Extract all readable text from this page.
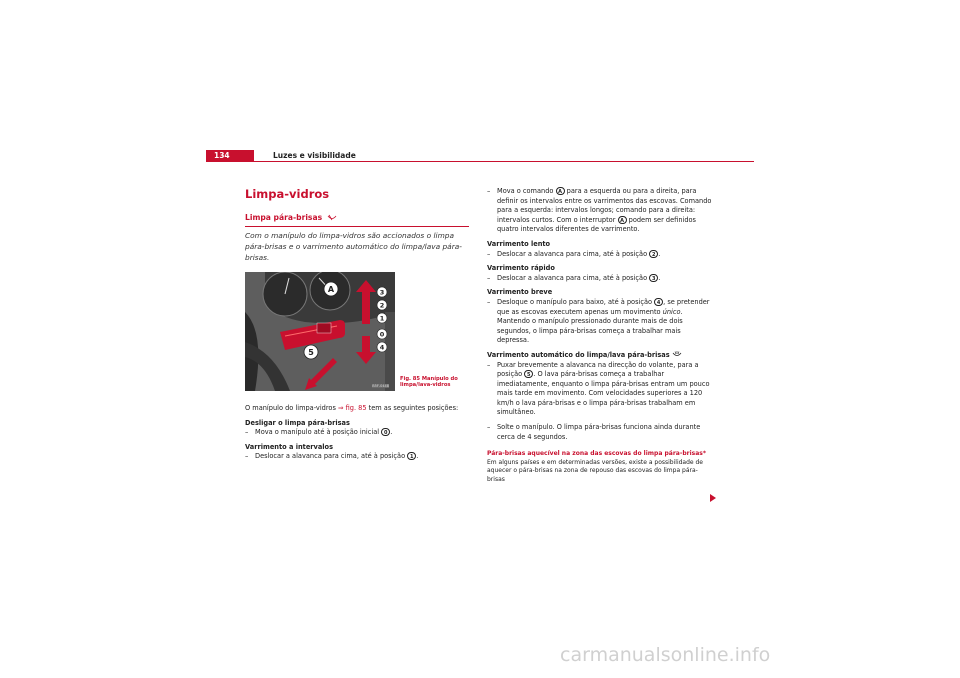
134	Luzes e visibilidade
Limpa-vidros
Limpa pára-brisas
Com o manípulo do limpa-vidros são accionados o limpa pára-brisas e o varrimento automático do limpa/lava pára-brisas.
A	3
2
1
0
4
5
B5F-0448
Fig. 85 Manípulo do limpa/lava-vidros

O manípulo do limpa-vidros ⇒ fig. 85 tem as seguintes posições:

Desligar o limpa pára-brisas

– Mova o manípulo até à posição inicial 0 .

Varrimento a intervalos

– Deslocar a alavanca para cima, até à posição 1 .

– Mova o comando A para a esquerda ou para a direita, para definir os intervalos entre os varrimentos das escovas. Comando para a esquerda: intervalos longos; comando para a direita: intervalos curtos. Com o interruptor A podem ser definidos quatro intervalos diferentes de varrimento.

Varrimento lento

– Deslocar a alavanca para cima, até à posição 2 .

Varrimento rápido

– Deslocar a alavanca para cima, até à posição 3 .

Varrimento breve

– Desloque o manípulo para baixo, até à posição 4 , se pretender que as escovas executem apenas um movimento único. Mantendo o manípulo pressionado durante mais de dois segundos, o limpa pára-brisas começa a trabalhar mais depressa.

Varrimento automático do limpa/lava pára-brisas

– Puxar brevemente a alavanca na direcção do volante, para a posição 5 . O lava pára-brisas começa a trabalhar imediatamente, enquanto o limpa pára-brisas entram um pouco mais tarde em movimento. Com velocidades superiores a 120 km/h o lava pára-brisas e o limpa pára-brisas trabalham em simultâneo.

– Solte o manípulo. O limpa pára-brisas funciona ainda durante cerca de 4 segundos.

Pára-brisas aquecível na zona das escovas do limpa pára-brisas*

Em alguns países e em determinadas versões, existe a possibilidade de aquecer o pára-brisas na zona de repouso das escovas do limpa pára-brisas

carmanualsonline.info
